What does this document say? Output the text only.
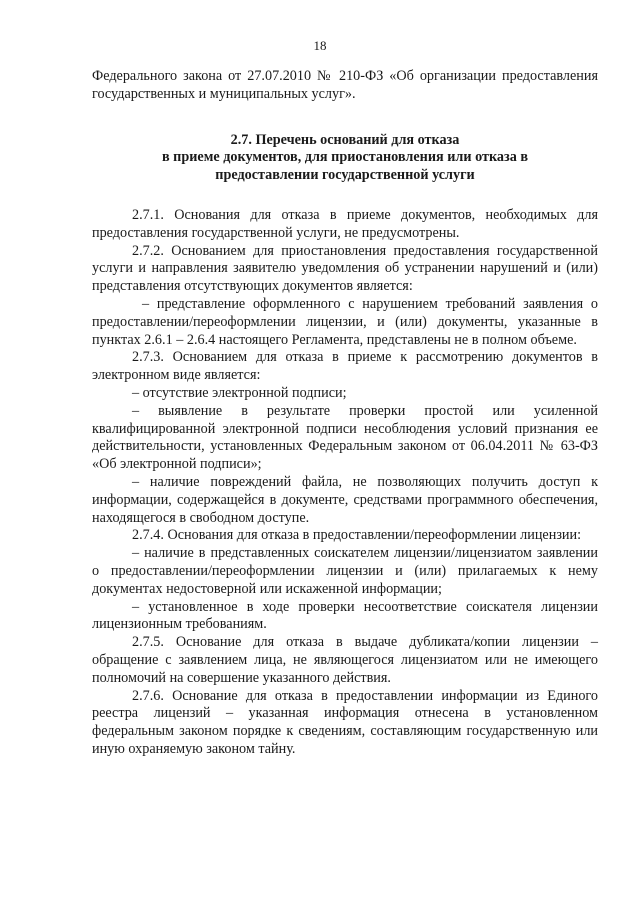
18

Федерального закона от 27.07.2010 № 210-ФЗ «Об организации предоставления государственных и муниципальных услуг».

2.7. Перечень оснований для отказа
в приеме документов, для приостановления или отказа в
предоставлении государственной услуги

2.7.1. Основания для отказа в приеме документов, необходимых для предоставления государственной услуги, не предусмотрены.

2.7.2. Основанием для приостановления предоставления государственной услуги и направления заявителю уведомления об устранении нарушений и (или) представления отсутствующих документов является:

– представление оформленного с нарушением требований заявления о предоставлении/переоформлении лицензии, и (или) документы, указанные в пунктах 2.6.1 – 2.6.4 настоящего Регламента, представлены не в полном объеме.

2.7.3. Основанием для отказа в приеме к рассмотрению документов в электронном виде является:

– отсутствие электронной подписи;

– выявление в результате проверки простой или усиленной квалифицированной электронной подписи несоблюдения условий признания ее действительности, установленных Федеральным законом от 06.04.2011 № 63-ФЗ «Об электронной подписи»;

– наличие повреждений файла, не позволяющих получить доступ к информации, содержащейся в документе, средствами программного обеспечения, находящегося в свободном доступе.

2.7.4. Основания для отказа в предоставлении/переоформлении лицензии:

– наличие в представленных соискателем лицензии/лицензиатом заявлении о предоставлении/переоформлении лицензии и (или) прилагаемых к нему документах недостоверной или искаженной информации;

– установленное в ходе проверки несоответствие соискателя лицензии лицензионным требованиям.

2.7.5. Основание для отказа в выдаче дубликата/копии лицензии – обращение с заявлением лица, не являющегося лицензиатом или не имеющего полномочий на совершение указанного действия.

2.7.6. Основание для отказа в предоставлении информации из Единого реестра лицензий – указанная информация отнесена в установленном федеральным законом порядке к сведениям, составляющим государственную или иную охраняемую законом тайну.
